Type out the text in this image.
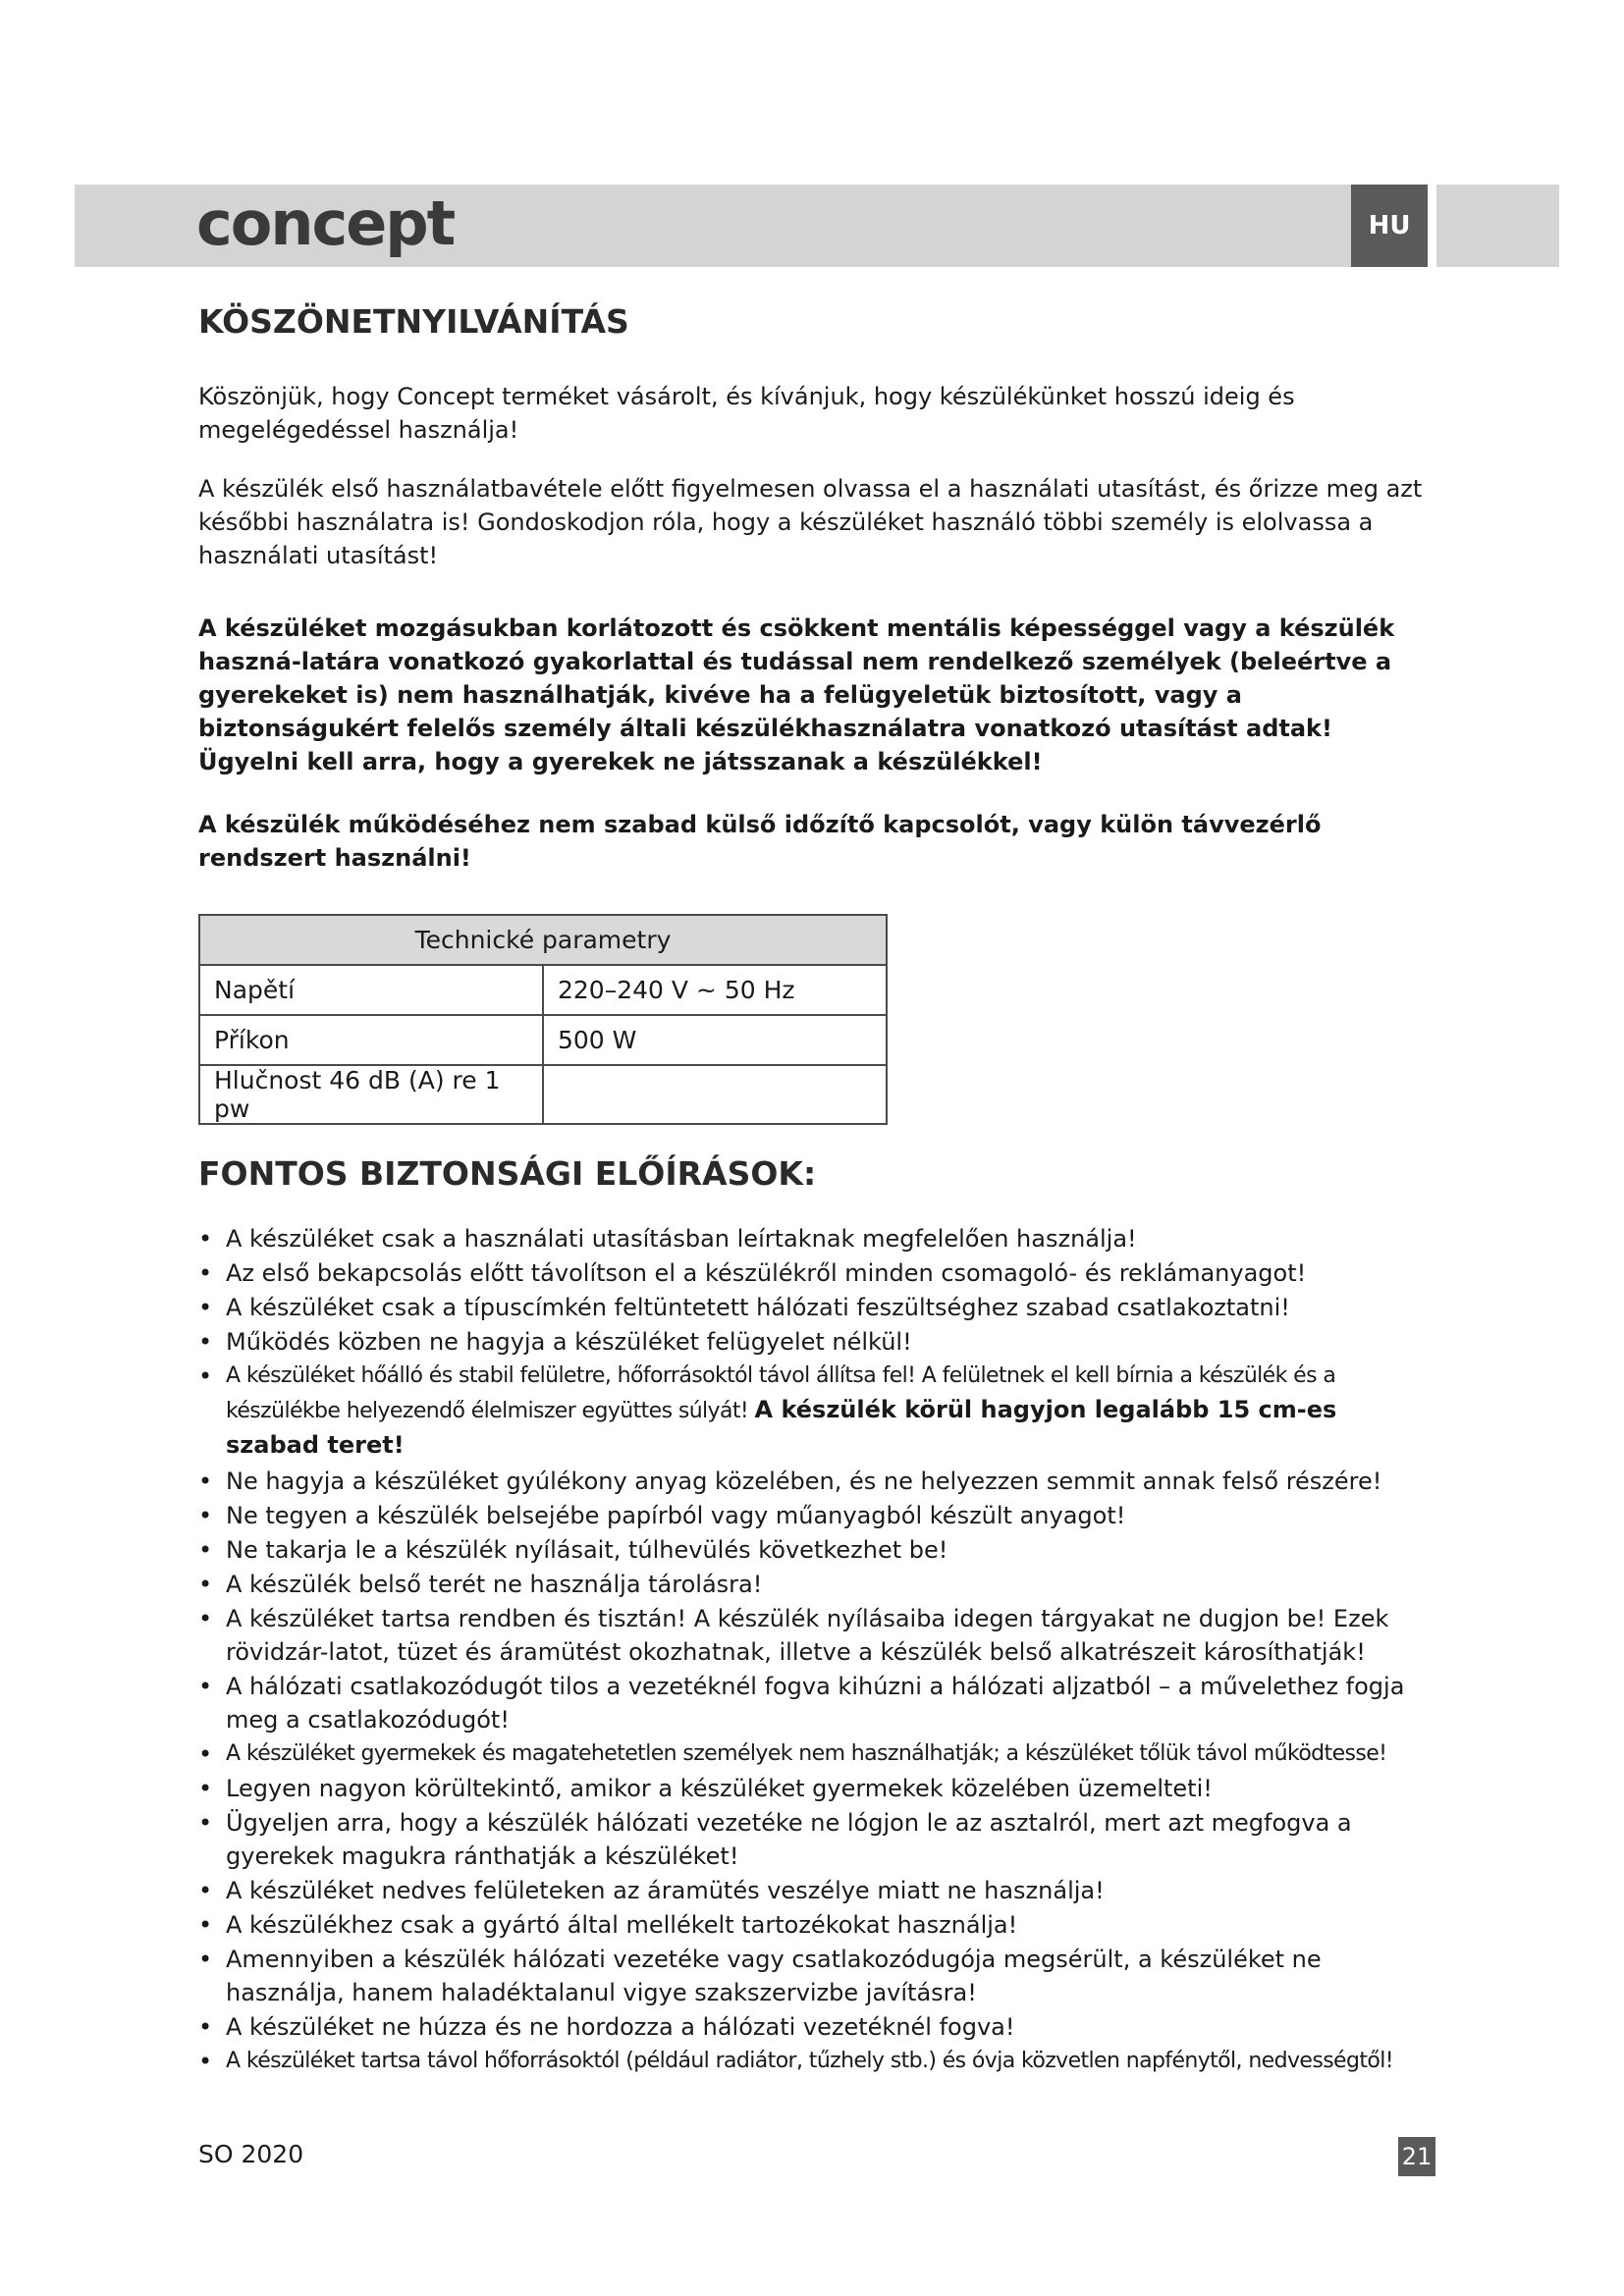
concept	HU
KÖSZÖNETNYILVÁNÍTÁS

Köszönjük, hogy Concept terméket vásárolt, és kívánjuk, hogy készülékünket hosszú ideig és megelégedéssel használja!

A készülék első használatbavétele előtt figyelmesen olvassa el a használati utasítást, és őrizze meg azt későbbi használatra is! Gondoskodjon róla, hogy a készüléket használó többi személy is elolvassa a használati utasítást!

A készüléket mozgásukban korlátozott és csökkent mentális képességgel vagy a készülék haszná-latára vonatkozó gyakorlattal és tudással nem rendelkező személyek (beleértve a gyerekeket is) nem használhatják, kivéve ha a felügyeletük biztosított, vagy a biztonságukért felelős személy általi készülékhasználatra vonatkozó utasítást adtak! Ügyelni kell arra, hogy a gyerekek ne játsszanak a készülékkel!

A készülék működéséhez nem szabad külső időzítő kapcsolót, vagy külön távvezérlő rendszert használni!

Technické parametry	
Napětí	220–240 V ~ 50 Hz
Příkon	500 W
Hlučnost 46 dB (A) re 1 pw	
FONTOS BIZTONSÁGI ELŐÍRÁSOK:
• A készüléket csak a használati utasításban leírtaknak megfelelően használja!
• Az első bekapcsolás előtt távolítson el a készülékről minden csomagoló- és reklámanyagot!
• A készüléket csak a típuscímkén feltüntetett hálózati feszültséghez szabad csatlakoztatni!
• Működés közben ne hagyja a készüléket felügyelet nélkül!
• A készüléket hőálló és stabil felületre, hőforrásoktól távol állítsa fel! A felületnek el kell bírnia a készülék és a készülékbe helyezendő élelmiszer együttes súlyát! A készülék körül hagyjon legalább 15 cm-es szabad teret!
• Ne hagyja a készüléket gyúlékony anyag közelében, és ne helyezzen semmit annak felső részére!
• Ne tegyen a készülék belsejébe papírból vagy műanyagból készült anyagot!
• Ne takarja le a készülék nyílásait, túlhevülés következhet be!
• A készülék belső terét ne használja tárolásra!
• A készüléket tartsa rendben és tisztán! A készülék nyílásaiba idegen tárgyakat ne dugjon be! Ezek rövidzár-latot, tüzet és áramütést okozhatnak, illetve a készülék belső alkatrészeit károsíthatják!
• A hálózati csatlakozódugót tilos a vezetéknél fogva kihúzni a hálózati aljzatból – a művelethez fogja meg a csatlakozódugót!
• A készüléket gyermekek és magatehetetlen személyek nem használhatják; a készüléket tőlük távol működtesse!
• Legyen nagyon körültekintő, amikor a készüléket gyermekek közelében üzemelteti!
• Ügyeljen arra, hogy a készülék hálózati vezetéke ne lógjon le az asztalról, mert azt megfogva a gyerekek magukra ránthatják a készüléket!
• A készüléket nedves felületeken az áramütés veszélye miatt ne használja!
• A készülékhez csak a gyártó által mellékelt tartozékokat használja!
• Amennyiben a készülék hálózati vezetéke vagy csatlakozódugója megsérült, a készüléket ne használja, hanem haladéktalanul vigye szakszervizbe javításra!
• A készüléket ne húzza és ne hordozza a hálózati vezetéknél fogva!
• A készüléket tartsa távol hőforrásoktól (például radiátor, tűzhely stb.) és óvja közvetlen napfénytől, nedvességtől!
SO 2020	21
